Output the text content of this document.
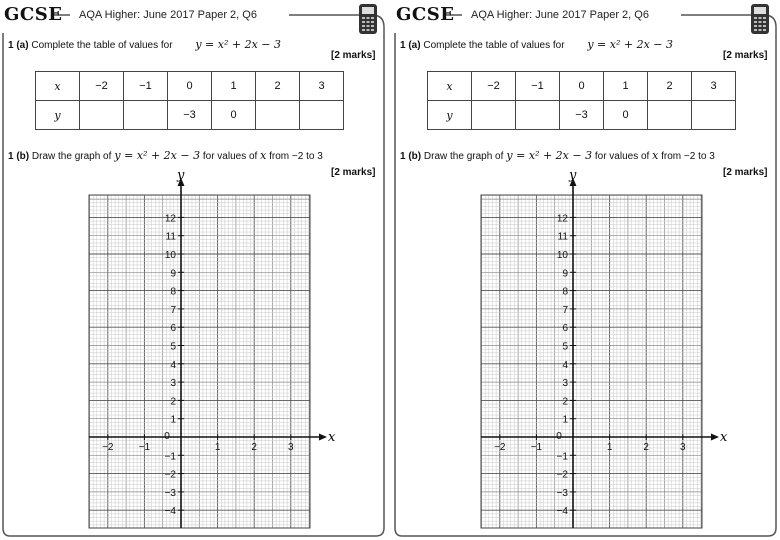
GCSE AQA Higher: June 2017 Paper 2, Q6
1 (a) Complete the table of values for y = x² + 2x − 3
[2 marks]
x	−2	−1	0	1	2	3
y			−3	0		
1 (b) Draw the graph of y = x² + 2x − 3 for values of x from −2 to 3
[2 marks]
x
y
−2	−1
0
1	2	3
12
11
10
9
8
7
6
5
4
3
2
1
−1
−2
−3
−4
GCSE AQA Higher: June 2017 Paper 2, Q6
1 (a) Complete the table of values for y = x² + 2x − 3
[2 marks]
x	−2	−1	0	1	2	3
y			−3	0		
1 (b) Draw the graph of y = x² + 2x − 3 for values of x from −2 to 3
[2 marks]
x
y
−2	−1
0
1	2	3
12
11
10
9
8
7
6
5
4
3
2
1
−1
−2
−3
−4
